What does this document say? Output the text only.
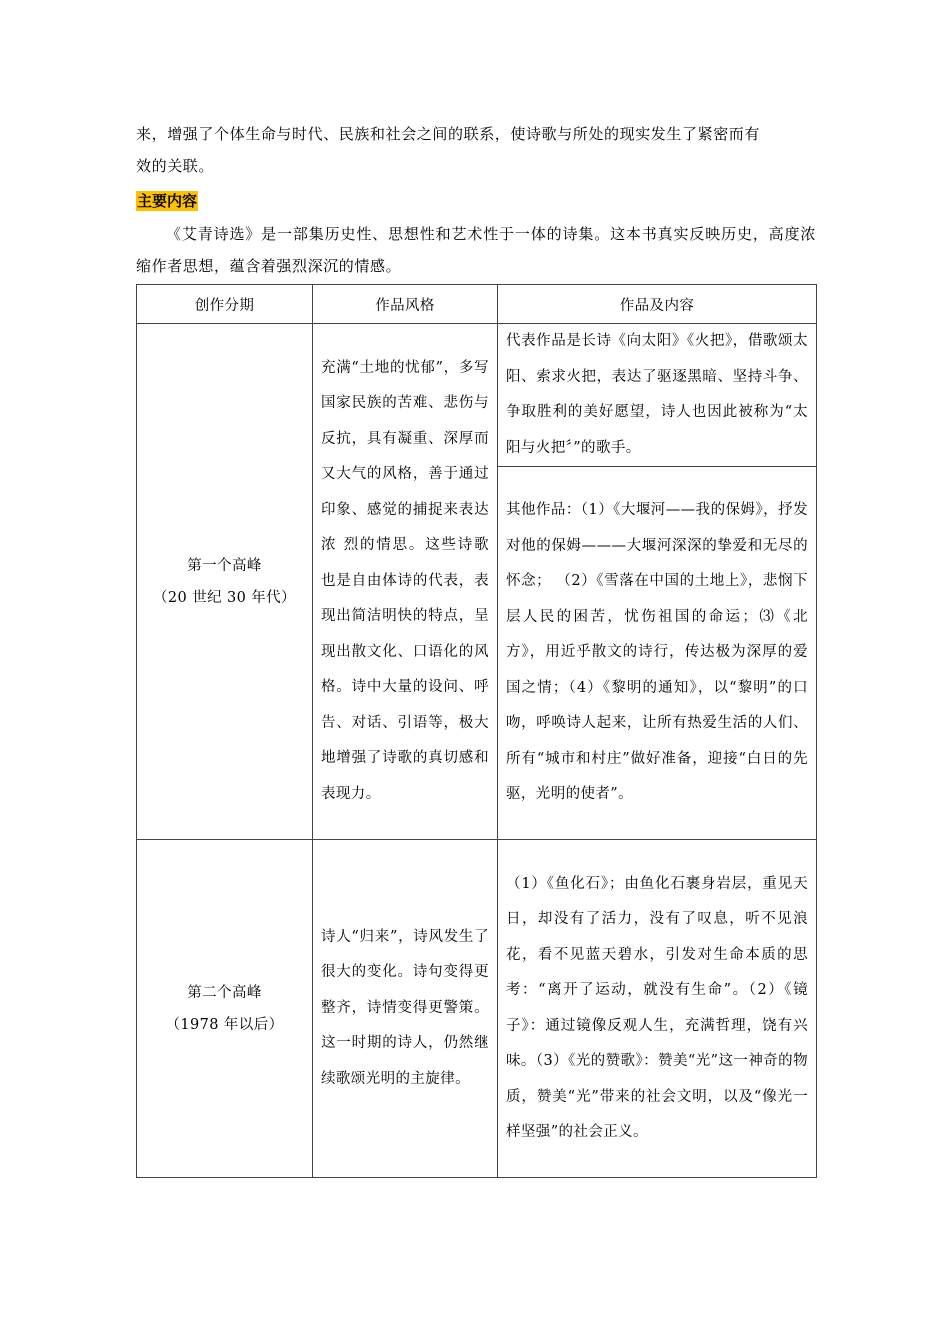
来，增强了个体生命与时代、民族和社会之间的联系，使诗歌与所处的现实发生了紧密而有

效的关联。

主要内容

《艾青诗选》是一部集历史性、思想性和艺术性于一体的诗集。这本书真实反映历史，高度浓缩作者思想，蕴含着强烈深沉的情感。

创作分期	作品风格	作品及内容

第一个高峰
（20 世纪 30 年代）	充满“土地的忧郁”，多写国家民族的苦难、悲伤与反抗，具有凝重、深厚而又大气的风格，善于通过印象、感觉的捕捉来表达浓 烈的情思。这些诗歌也是自由体诗的代表，表现出简洁明快的特点，呈现出散文化、口语化的风格。诗中大量的设问、呼告、对话、引语等，极大地增强了诗歌的真切感和表现力。	代表作品是长诗《向太阳》《火把》，借歌颂太阳、索求火把，表达了驱逐黑暗、坚持斗争、争取胜利的美好愿望，诗人也因此被称为“太阳与火把〞”的歌手。
		其他作品：（1）《大堰河——我的保姆》，抒发对他的保姆———大堰河深深的挚爱和无尽的怀念； （2）《雪落在中国的土地上》，悲悯下层人民的困苦，忧伤祖国的命运；⑶《北方》，用近乎散文的诗行，传达极为深厚的爱国之情；（4）《黎明的通知》，以“黎明”的口吻，呼唤诗人起来，让所有热爱生活的人们、所有“城市和村庄”做好准备，迎接“白日的先驱，光明的使者”。

第二个高峰
（1978 年以后）	诗人“归来”，诗风发生了 很大的变化。诗句变得更整齐，诗情变得更警策。这一时期的诗人，仍然继续歌颂光明的主旋律。	（1）《鱼化石》；由鱼化石裹身岩层，重见天日，却没有了活力，没有了叹息，听不见浪花，看不见蓝天碧水，引发对生命本质的思考：“离开了运动，就没有生命”。（2）《镜子》：通过镜像反观人生，充满哲理，饶有兴味。（3）《光的赞歌》：赞美“光”这一神奇的物质，赞美“光”带来的社会文明，以及“像光一样坚强”的社会正义。
